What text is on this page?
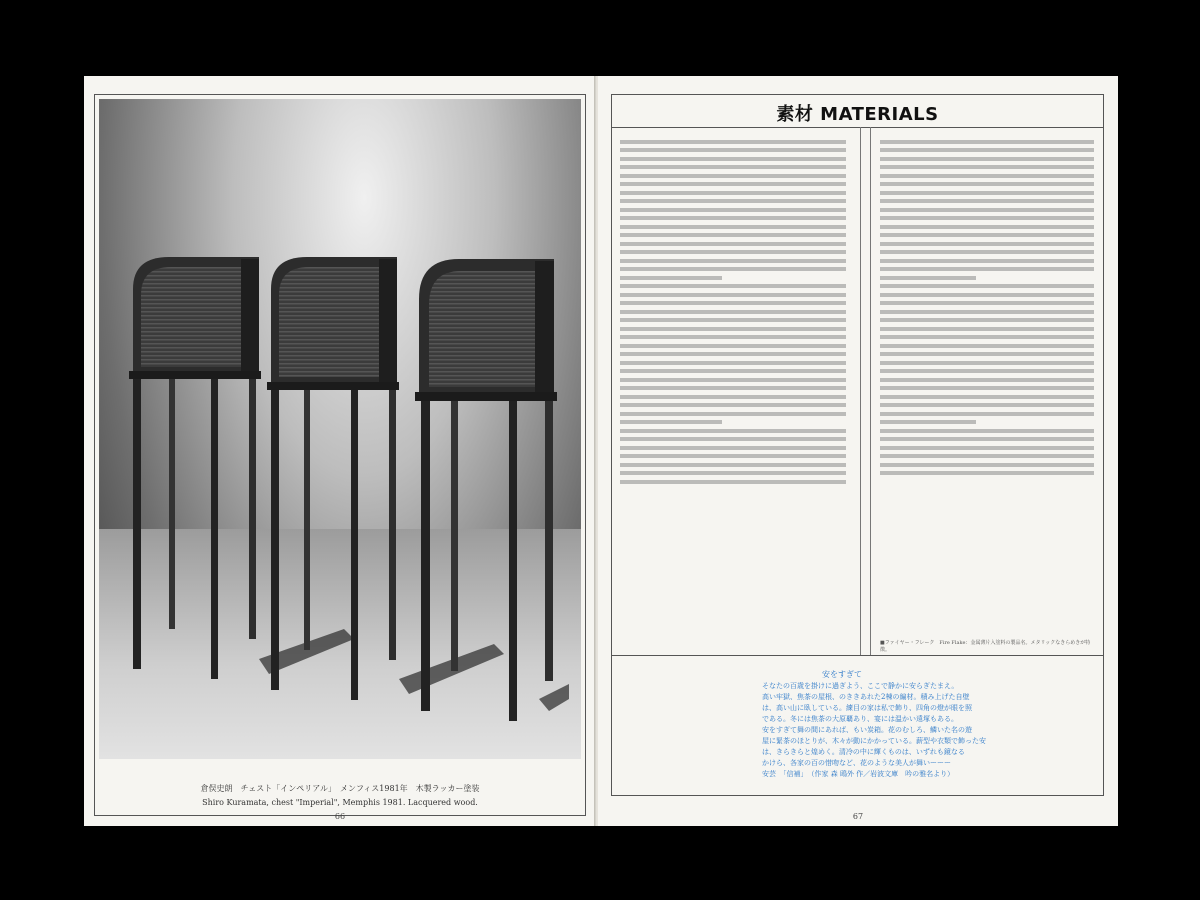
倉俣史朗　チェスト「インペリアル」　メンフィス1981年　木製ラッカー塗装
Shiro Kuramata, chest "Imperial", Memphis 1981. Lacquered wood.
66
素材 MATERIALS
■ファイヤー・フレーク　Fire Flake：金属薄片入塗料の製品名。メタリックなきらめきが特徴。
安をすぎて
そなたの百歳を掛けに過ぎよう、ここで静かに安らぎたまえ。
高い牢獄、焦茶の屋根、のききあれた2棟の編材。積み上げた自壁
は、高い山に臥している。練目の家は私で飾り、四角の燈が眼を照
である。冬には焦茶の大原覇あり、宴には温かい遠塚もある。
安をすぎて舞の間にあれば、もい炭箱。花のむしろ、鱗いた名の遊
屋に緊茶のほとりが、木々が動にかかっている。薪型や衣類で飾った安
は、きらきらと煌めく。清冷の中に輝くものは、いずれも鏡なる
かけら、各家の百の惜吻など、花のような美人が舞いーーー
安芸　「信補」　（作家 森 鴎外 作／岩波文庫　吟の雅名より）
67
